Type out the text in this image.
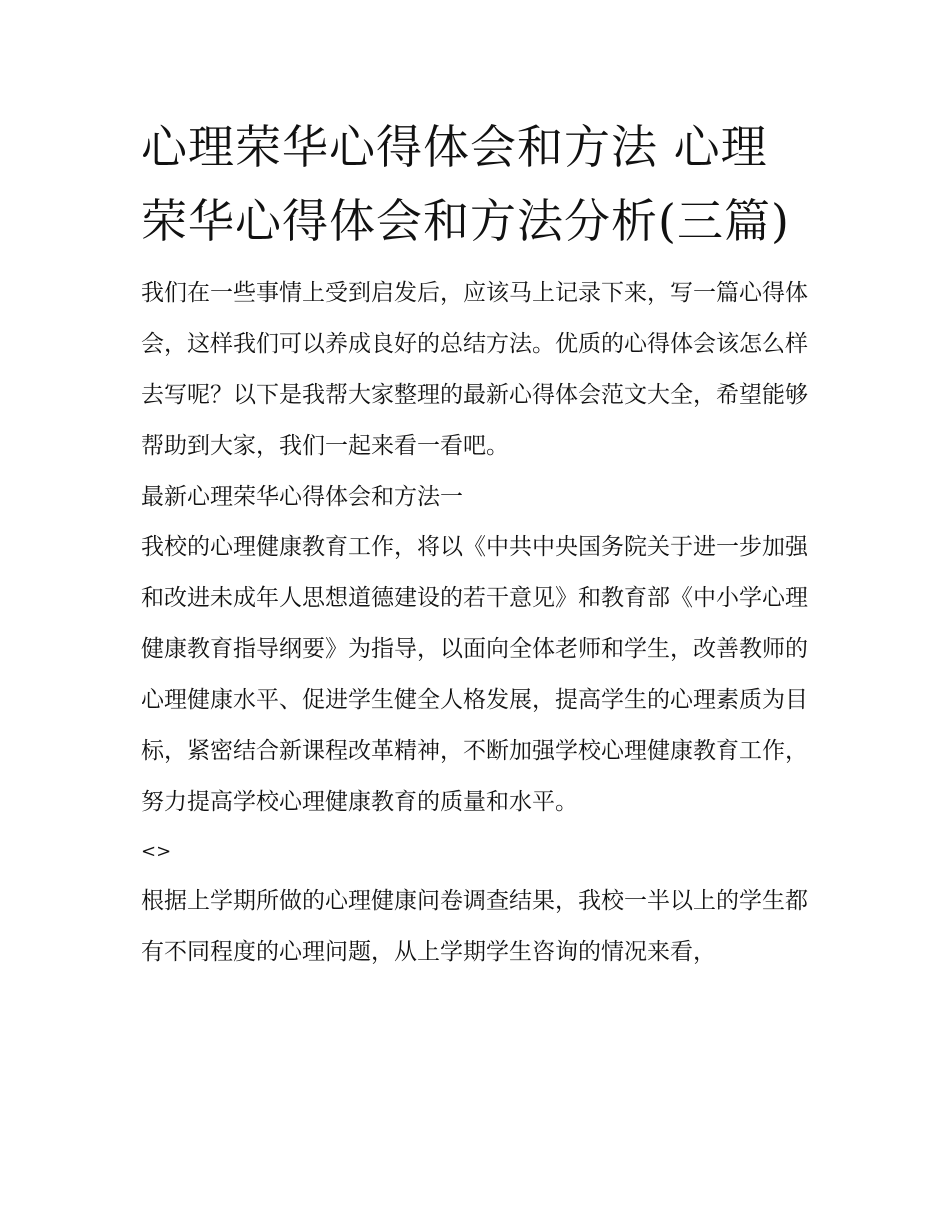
心理荣华心得体会和方法 心理荣华心得体会和方法分析(三篇)

我们在一些事情上受到启发后，应该马上记录下来，写一篇心得体会，这样我们可以养成良好的总结方法。优质的心得体会该怎么样去写呢？以下是我帮大家整理的最新心得体会范文大全，希望能够帮助到大家，我们一起来看一看吧。

最新心理荣华心得体会和方法一

我校的心理健康教育工作，将以《中共中央国务院关于进一步加强和改进未成年人思想道德建设的若干意见》和教育部《中小学心理健康教育指导纲要》为指导，以面向全体老师和学生，改善教师的心理健康水平、促进学生健全人格发展，提高学生的心理素质为目标，紧密结合新课程改革精神，不断加强学校心理健康教育工作，努力提高学校心理健康教育的质量和水平。

<>

根据上学期所做的心理健康问卷调查结果，我校一半以上的学生都有不同程度的心理问题，从上学期学生咨询的情况来看，
